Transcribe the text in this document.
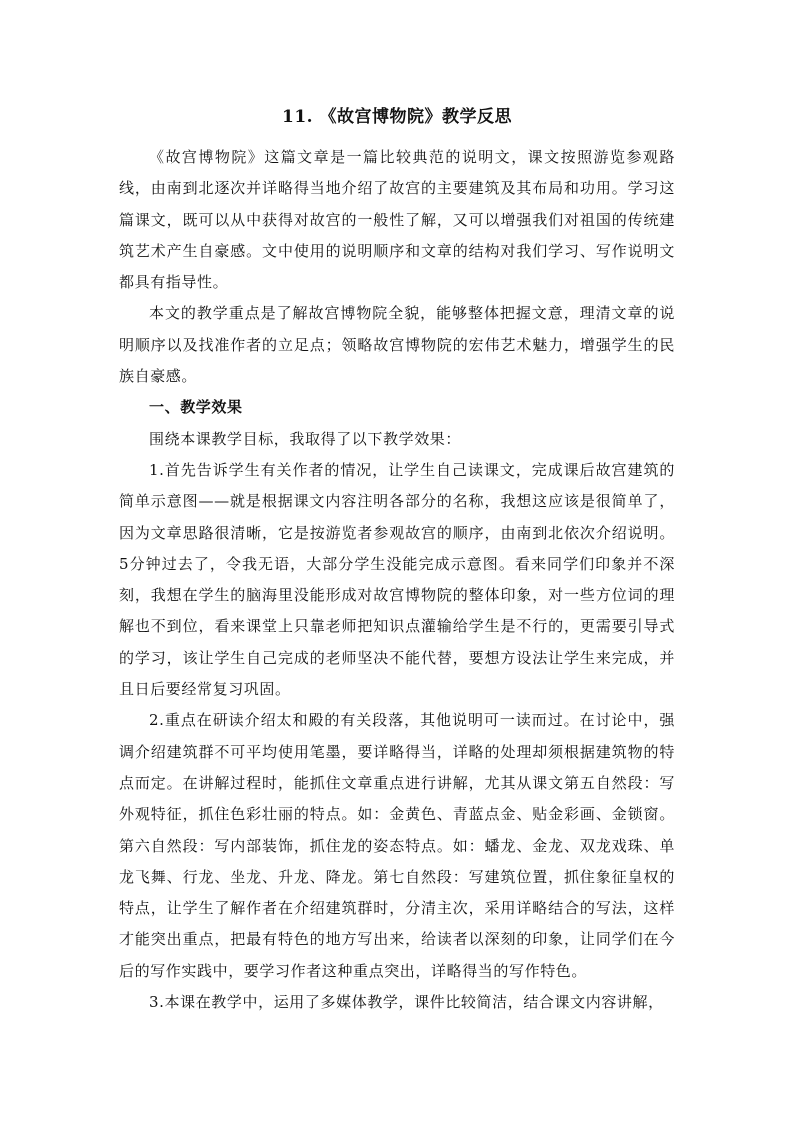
11. 《故宫博物院》教学反思

《故宫博物院》这篇文章是一篇比较典范的说明文，课文按照游览参观路线，由南到北逐次并详略得当地介绍了故宫的主要建筑及其布局和功用。学习这篇课文，既可以从中获得对故宫的一般性了解，又可以增强我们对祖国的传统建筑艺术产生自豪感。文中使用的说明顺序和文章的结构对我们学习、写作说明文都具有指导性。

本文的教学重点是了解故宫博物院全貌，能够整体把握文意，理清文章的说明顺序以及找准作者的立足点；领略故宫博物院的宏伟艺术魅力，增强学生的民族自豪感。

一、教学效果

围绕本课教学目标，我取得了以下教学效果：

1.首先告诉学生有关作者的情况，让学生自己读课文，完成课后故宫建筑的简单示意图——就是根据课文内容注明各部分的名称，我想这应该是很简单了，因为文章思路很清晰，它是按游览者参观故宫的顺序，由南到北依次介绍说明。5分钟过去了，令我无语，大部分学生没能完成示意图。看来同学们印象并不深刻，我想在学生的脑海里没能形成对故宫博物院的整体印象，对一些方位词的理解也不到位，看来课堂上只靠老师把知识点灌输给学生是不行的，更需要引导式的学习，该让学生自己完成的老师坚决不能代替，要想方设法让学生来完成，并且日后要经常复习巩固。

2.重点在研读介绍太和殿的有关段落，其他说明可一读而过。在讨论中，强调介绍建筑群不可平均使用笔墨，要详略得当，详略的处理却须根据建筑物的特点而定。在讲解过程时，能抓住文章重点进行讲解，尤其从课文第五自然段：写外观特征，抓住色彩壮丽的特点。如：金黄色、青蓝点金、贴金彩画、金锁窗。第六自然段：写内部装饰，抓住龙的姿态特点。如：蟠龙、金龙、双龙戏珠、单龙飞舞、行龙、坐龙、升龙、降龙。第七自然段：写建筑位置，抓住象征皇权的特点，让学生了解作者在介绍建筑群时，分清主次，采用详略结合的写法，这样才能突出重点，把最有特色的地方写出来，给读者以深刻的印象，让同学们在今后的写作实践中，要学习作者这种重点突出，详略得当的写作特色。

3.本课在教学中，运用了多媒体教学，课件比较简洁，结合课文内容讲解，
